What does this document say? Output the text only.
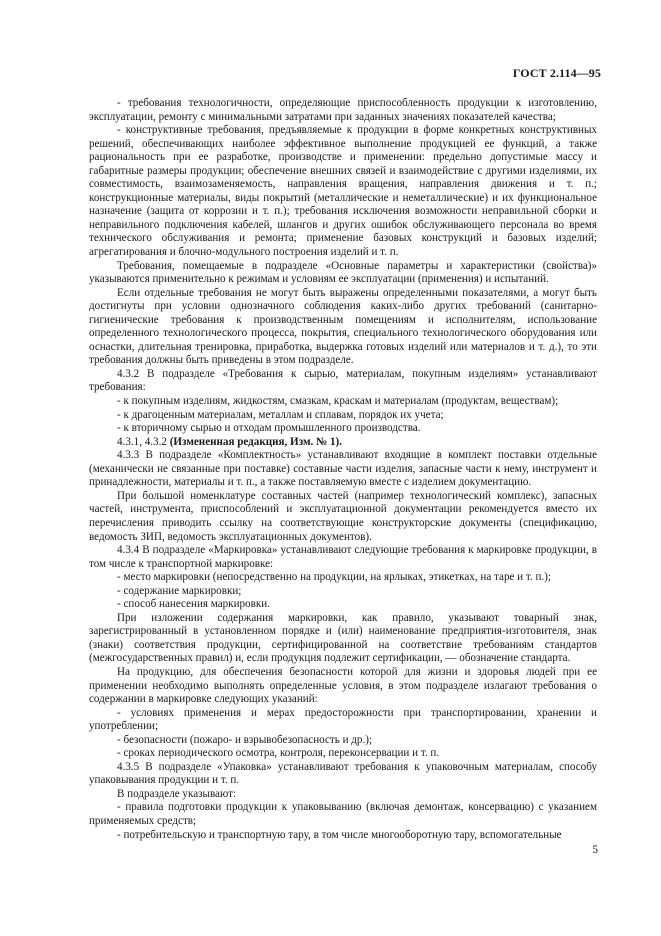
ГОСТ 2.114—95

- требования технологичности, определяющие приспособленность продукции к изготовлению, эксплуатации, ремонту с минимальными затратами при заданных значениях показателей качества;

- конструктивные требования, предъявляемые к продукции в форме конкретных конструктивных решений, обеспечивающих наиболее эффективное выполнение продукцией ее функций, а также рациональность при ее разработке, производстве и применении: предельно допустимые массу и габаритные размеры продукции; обеспечение внешних связей и взаимодействие с другими изделиями, их совместимость, взаимозаменяемость, направления вращения, направления движения и т. п.; конструкционные материалы, виды покрытий (металлические и неметаллические) и их функциональное назначение (защита от коррозии и т. п.); требования исключения возможности неправильной сборки и неправильного подключения кабелей, шлангов и других ошибок обслуживающего персонала во время технического обслуживания и ремонта; применение базовых конструкций и базовых изделий; агрегатирования и блочно-модульного построения изделий и т. п.

Требования, помещаемые в подразделе «Основные параметры и характеристики (свойства)» указываются применительно к режимам и условиям ее эксплуатации (применения) и испытаний.

Если отдельные требования не могут быть выражены определенными показателями, а могут быть достигнуты при условии однозначного соблюдения каких-либо других требований (санитарно-гигиенические требования к производственным помещениям и исполнителям, использование определенного технологического процесса, покрытия, специального технологического оборудования или оснастки, длительная тренировка, приработка, выдержка готовых изделий или материалов и т. д.), то эти требования должны быть приведены в этом подразделе.

4.3.2 В подразделе «Требования к сырью, материалам, покупным изделиям» устанавливают требования:

- к покупным изделиям, жидкостям, смазкам, краскам и материалам (продуктам, веществам);

- к драгоценным материалам, металлам и сплавам, порядок их учета;

- к вторичному сырью и отходам промышленного производства.

4.3.1, 4.3.2 (Измененная редакция, Изм. № 1).

4.3.3 В подразделе «Комплектность» устанавливают входящие в комплект поставки отдельные (механически не связанные при поставке) составные части изделия, запасные части к нему, инструмент и принадлежности, материалы и т. п., а также поставляемую вместе с изделием документацию.

При большой номенклатуре составных частей (например технологический комплекс), запасных частей, инструмента, приспособлений и эксплуатационной документации рекомендуется вместо их перечисления приводить ссылку на соответствующие конструкторские документы (спецификацию, ведомость ЗИП, ведомость эксплуатационных документов).

4.3.4 В подразделе «Маркировка» устанавливают следующие требования к маркировке продукции, в том числе к транспортной маркировке:

- место маркировки (непосредственно на продукции, на ярлыках, этикетках, на таре и т. п.);

- содержание маркировки;

- способ нанесения маркировки.

При изложении содержания маркировки, как правило, указывают товарный знак, зарегистрированный в установленном порядке и (или) наименование предприятия-изготовителя, знак (знаки) соответствия продукции, сертифицированной на соответствие требованиям стандартов (межгосударственных правил) и, если продукция подлежит сертификации, — обозначение стандарта.

На продукцию, для обеспечения безопасности которой для жизни и здоровья людей при ее применении необходимо выполнять определенные условия, в этом подразделе излагают требования о содержании в маркировке следующих указаний:

- условиях применения и мерах предосторожности при транспортировании, хранении и употреблении;

- безопасности (пожаро- и взрывобезопасность и др.);

- сроках периодического осмотра, контроля, переконсервации и т. п.

4.3.5 В подразделе «Упаковка» устанавливают требования к упаковочным материалам, способу упаковывания продукции и т. п.

В подразделе указывают:

- правила подготовки продукции к упаковыванию (включая демонтаж, консервацию) с указанием применяемых средств;

- потребительскую и транспортную тару, в том числе многооборотную тару, вспомогательные

5
